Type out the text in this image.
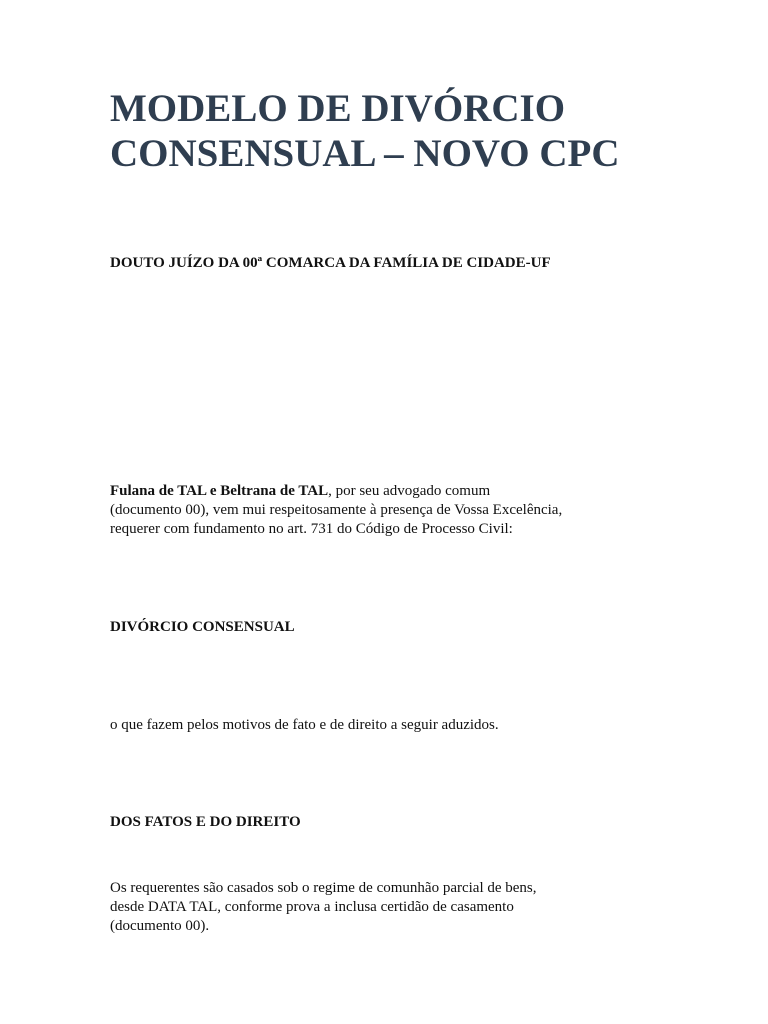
MODELO DE DIVÓRCIO
CONSENSUAL – NOVO CPC

DOUTO JUÍZO DA 00ª COMARCA DA FAMÍLIA DE CIDADE-UF

Fulana de TAL e Beltrana de TAL, por seu advogado comum
(documento 00), vem mui respeitosamente à presença de Vossa Excelência,
requerer com fundamento no art. 731 do Código de Processo Civil:

DIVÓRCIO CONSENSUAL

o que fazem pelos motivos de fato e de direito a seguir aduzidos.

DOS FATOS E DO DIREITO

Os requerentes são casados sob o regime de comunhão parcial de bens,
desde DATA TAL, conforme prova a inclusa certidão de casamento
(documento 00).
